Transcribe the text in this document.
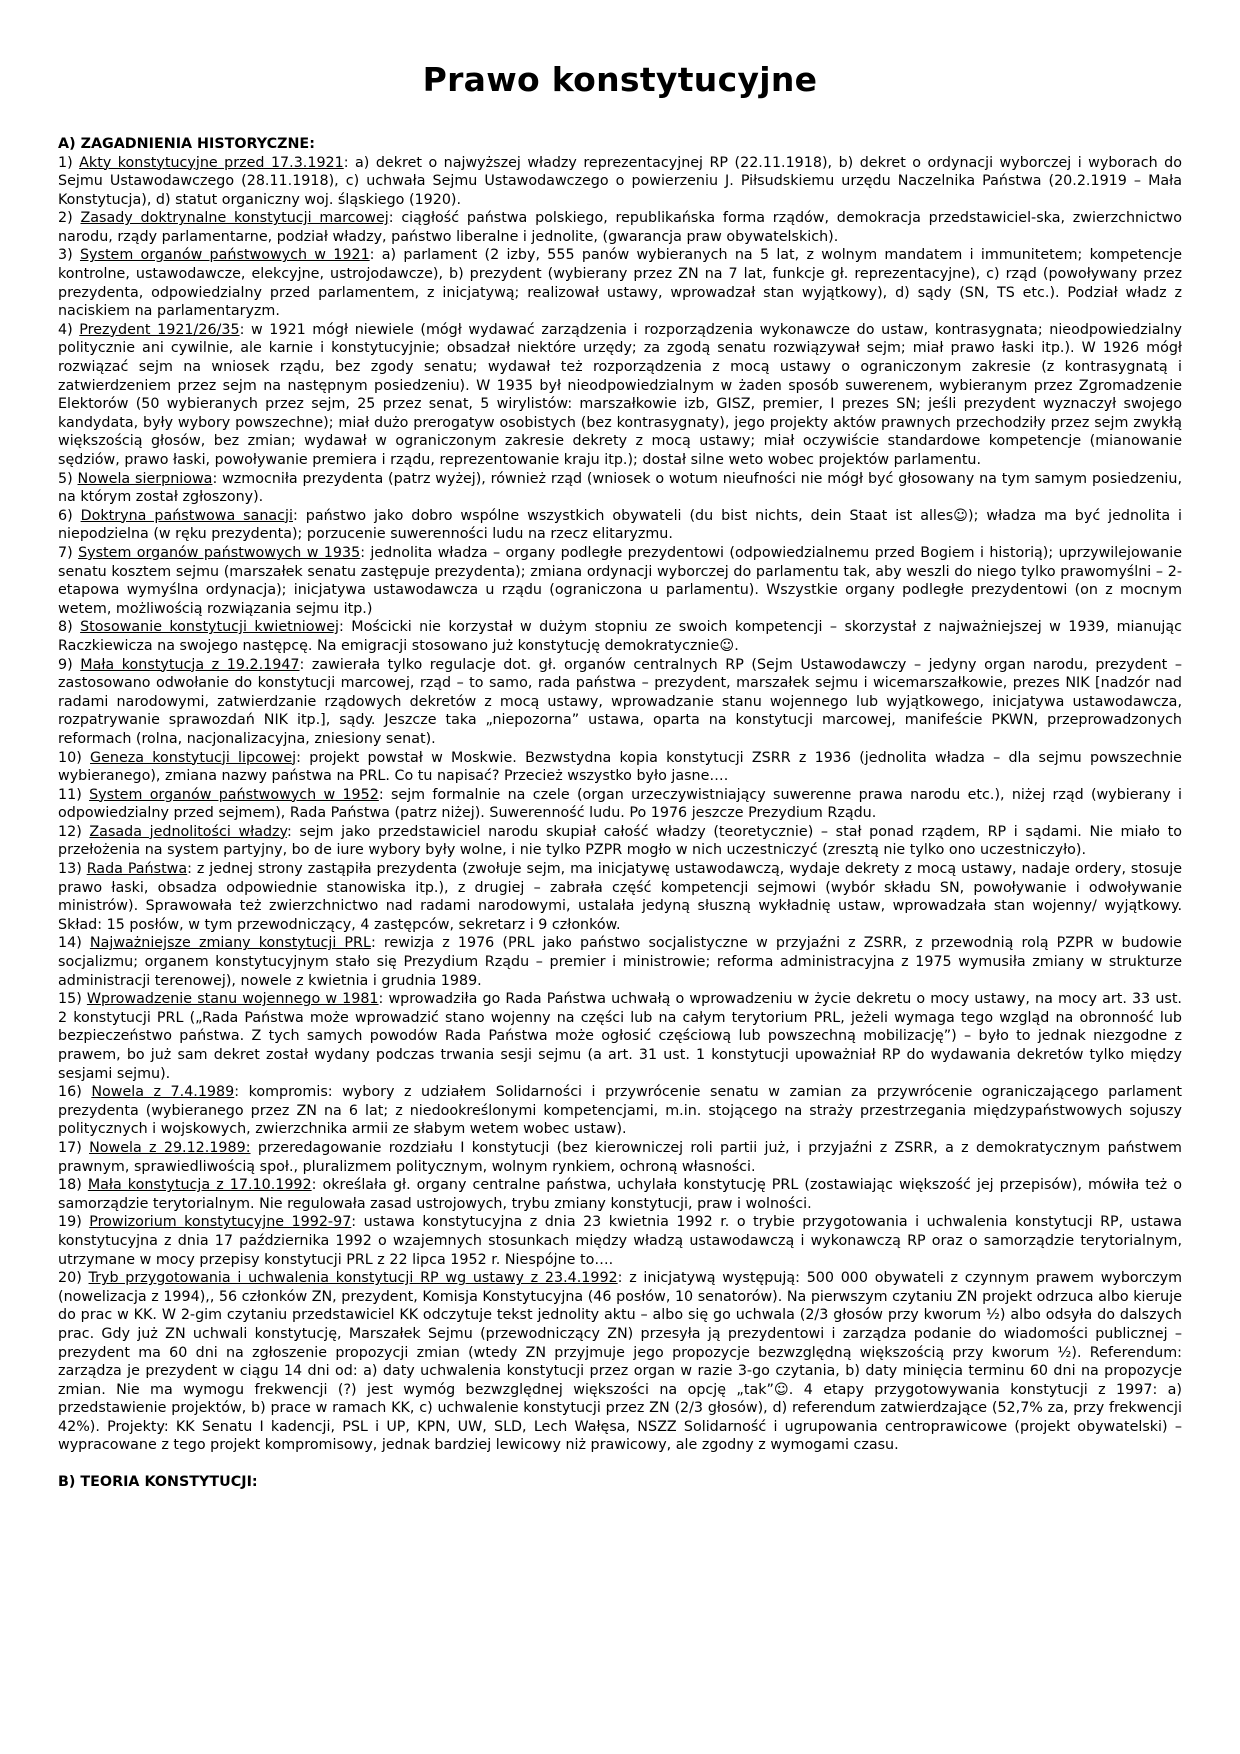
Prawo konstytucyjne
A) ZAGADNIENIA HISTORYCZNE:

1) Akty konstytucyjne przed 17.3.1921: a) dekret o najwyższej władzy reprezentacyjnej RP (22.11.1918), b) dekret o ordynacji wyborczej i wyborach do Sejmu Ustawodawczego (28.11.1918), c) uchwała Sejmu Ustawodawczego o powierzeniu J. Piłsudskiemu urzędu Naczelnika Państwa (20.2.1919 – Mała Konstytucja), d) statut organiczny woj. śląskiego (1920).

2) Zasady doktrynalne konstytucji marcowej: ciągłość państwa polskiego, republikańska forma rządów, demokracja przedstawiciel-ska, zwierzchnictwo narodu, rządy parlamentarne, podział władzy, państwo liberalne i jednolite, (gwarancja praw obywatelskich).

3) System organów państwowych w 1921: a) parlament (2 izby, 555 panów wybieranych na 5 lat, z wolnym mandatem i immunitetem; kompetencje kontrolne, ustawodawcze, elekcyjne, ustrojodawcze), b) prezydent (wybierany przez ZN na 7 lat, funkcje gł. reprezentacyjne), c) rząd (powoływany przez prezydenta, odpowiedzialny przed parlamentem, z inicjatywą; realizował ustawy, wprowadzał stan wyjątkowy), d) sądy (SN, TS etc.). Podział władz z naciskiem na parlamentaryzm.

4) Prezydent 1921/26/35: w 1921 mógł niewiele (mógł wydawać zarządzenia i rozporządzenia wykonawcze do ustaw, kontrasygnata; nieodpowiedzialny politycznie ani cywilnie, ale karnie i konstytucyjnie; obsadzał niektóre urzędy; za zgodą senatu rozwiązywał sejm; miał prawo łaski itp.). W 1926 mógł rozwiązać sejm na wniosek rządu, bez zgody senatu; wydawał też rozporządzenia z mocą ustawy o ograniczonym zakresie (z kontrasygnatą i zatwierdzeniem przez sejm na następnym posiedzeniu). W 1935 był nieodpowiedzialnym w żaden sposób suwerenem, wybieranym przez Zgromadzenie Elektorów (50 wybieranych przez sejm, 25 przez senat, 5 wirylistów: marszałkowie izb, GISZ, premier, I prezes SN; jeśli prezydent wyznaczył swojego kandydata, były wybory powszechne); miał dużo prerogatyw osobistych (bez kontrasygnaty), jego projekty aktów prawnych przechodziły przez sejm zwykłą większością głosów, bez zmian; wydawał w ograniczonym zakresie dekrety z mocą ustawy; miał oczywiście standardowe kompetencje (mianowanie sędziów, prawo łaski, powoływanie premiera i rządu, reprezentowanie kraju itp.); dostał silne weto wobec projektów parlamentu.

5) Nowela sierpniowa: wzmocniła prezydenta (patrz wyżej), również rząd (wniosek o wotum nieufności nie mógł być głosowany na tym samym posiedzeniu, na którym został zgłoszony).

6) Doktryna państwowa sanacji: państwo jako dobro wspólne wszystkich obywateli (du bist nichts, dein Staat ist alles☺); władza ma być jednolita i niepodzielna (w ręku prezydenta); porzucenie suwerenności ludu na rzecz elitaryzmu.

7) System organów państwowych w 1935: jednolita władza – organy podległe prezydentowi (odpowiedzialnemu przed Bogiem i historią); uprzywilejowanie senatu kosztem sejmu (marszałek senatu zastępuje prezydenta); zmiana ordynacji wyborczej do parlamentu tak, aby weszli do niego tylko prawomyślni – 2-etapowa wymyślna ordynacja); inicjatywa ustawodawcza u rządu (ograniczona u parlamentu). Wszystkie organy podległe prezydentowi (on z mocnym wetem, możliwością rozwiązania sejmu itp.)

8) Stosowanie konstytucji kwietniowej: Mościcki nie korzystał w dużym stopniu ze swoich kompetencji – skorzystał z najważniejszej w 1939, mianując Raczkiewicza na swojego następcę. Na emigracji stosowano już konstytucję demokratycznie☺.

9) Mała konstytucja z 19.2.1947: zawierała tylko regulacje dot. gł. organów centralnych RP (Sejm Ustawodawczy – jedyny organ narodu, prezydent – zastosowano odwołanie do konstytucji marcowej, rząd – to samo, rada państwa – prezydent, marszałek sejmu i wicemarszałkowie, prezes NIK [nadzór nad radami narodowymi, zatwierdzanie rządowych dekretów z mocą ustawy, wprowadzanie stanu wojennego lub wyjątkowego, inicjatywa ustawodawcza, rozpatrywanie sprawozdań NIK itp.], sądy. Jeszcze taka „niepozorna” ustawa, oparta na konstytucji marcowej, manifeście PKWN, przeprowadzonych reformach (rolna, nacjonalizacyjna, zniesiony senat).

10) Geneza konstytucji lipcowej: projekt powstał w Moskwie. Bezwstydna kopia konstytucji ZSRR z 1936 (jednolita władza – dla sejmu powszechnie wybieranego), zmiana nazwy państwa na PRL. Co tu napisać? Przecież wszystko było jasne….

11) System organów państwowych w 1952: sejm formalnie na czele (organ urzeczywistniający suwerenne prawa narodu etc.), niżej rząd (wybierany i odpowiedzialny przed sejmem), Rada Państwa (patrz niżej). Suwerenność ludu. Po 1976 jeszcze Prezydium Rządu.

12) Zasada jednolitości władzy: sejm jako przedstawiciel narodu skupiał całość władzy (teoretycznie) – stał ponad rządem, RP i sądami. Nie miało to przełożenia na system partyjny, bo de iure wybory były wolne, i nie tylko PZPR mogło w nich uczestniczyć (zresztą nie tylko ono uczestniczyło).

13) Rada Państwa: z jednej strony zastąpiła prezydenta (zwołuje sejm, ma inicjatywę ustawodawczą, wydaje dekrety z mocą ustawy, nadaje ordery, stosuje prawo łaski, obsadza odpowiednie stanowiska itp.), z drugiej – zabrała część kompetencji sejmowi (wybór składu SN, powoływanie i odwoływanie ministrów). Sprawowała też zwierzchnictwo nad radami narodowymi, ustalała jedyną słuszną wykładnię ustaw, wprowadzała stan wojenny/ wyjątkowy. Skład: 15 posłów, w tym przewodniczący, 4 zastępców, sekretarz i 9 członków.

14) Najważniejsze zmiany konstytucji PRL: rewizja z 1976 (PRL jako państwo socjalistyczne w przyjaźni z ZSRR, z przewodnią rolą PZPR w budowie socjalizmu; organem konstytucyjnym stało się Prezydium Rządu – premier i ministrowie; reforma administracyjna z 1975 wymusiła zmiany w strukturze administracji terenowej), nowele z kwietnia i grudnia 1989.

15) Wprowadzenie stanu wojennego w 1981: wprowadziła go Rada Państwa uchwałą o wprowadzeniu w życie dekretu o mocy ustawy, na mocy art. 33 ust. 2 konstytucji PRL („Rada Państwa może wprowadzić stano wojenny na części lub na całym terytorium PRL, jeżeli wymaga tego wzgląd na obronność lub bezpieczeństwo państwa. Z tych samych powodów Rada Państwa może ogłosić częściową lub powszechną mobilizację”) – było to jednak niezgodne z prawem, bo już sam dekret został wydany podczas trwania sesji sejmu (a art. 31 ust. 1 konstytucji upoważniał RP do wydawania dekretów tylko między sesjami sejmu).

16) Nowela z 7.4.1989: kompromis: wybory z udziałem Solidarności i przywrócenie senatu w zamian za przywrócenie ograniczającego parlament prezydenta (wybieranego przez ZN na 6 lat; z niedookreślonymi kompetencjami, m.in. stojącego na straży przestrzegania międzypaństwowych sojuszy politycznych i wojskowych, zwierzchnika armii ze słabym wetem wobec ustaw).

17) Nowela z 29.12.1989: przeredagowanie rozdziału I konstytucji (bez kierowniczej roli partii już, i przyjaźni z ZSRR, a z demokratycznym państwem prawnym, sprawiedliwością społ., pluralizmem politycznym, wolnym rynkiem, ochroną własności.

18) Mała konstytucja z 17.10.1992: określała gł. organy centralne państwa, uchylała konstytucję PRL (zostawiając większość jej przepisów), mówiła też o samorządzie terytorialnym. Nie regulowała zasad ustrojowych, trybu zmiany konstytucji, praw i wolności.

19) Prowizorium konstytucyjne 1992-97: ustawa konstytucyjna z dnia 23 kwietnia 1992 r. o trybie przygotowania i uchwalenia konstytucji RP, ustawa konstytucyjna z dnia 17 października 1992 o wzajemnych stosunkach między władzą ustawodawczą i wykonawczą RP oraz o samorządzie terytorialnym, utrzymane w mocy przepisy konstytucji PRL z 22 lipca 1952 r. Niespójne to….

20) Tryb przygotowania i uchwalenia konstytucji RP wg ustawy z 23.4.1992: z inicjatywą występują: 500 000 obywateli z czynnym prawem wyborczym (nowelizacja z 1994),, 56 członków ZN, prezydent, Komisja Konstytucyjna (46 posłów, 10 senatorów). Na pierwszym czytaniu ZN projekt odrzuca albo kieruje do prac w KK. W 2-gim czytaniu przedstawiciel KK odczytuje tekst jednolity aktu – albo się go uchwala (2/3 głosów przy kworum ½) albo odsyła do dalszych prac. Gdy już ZN uchwali konstytucję, Marszałek Sejmu (przewodniczący ZN) przesyła ją prezydentowi i zarządza podanie do wiadomości publicznej – prezydent ma 60 dni na zgłoszenie propozycji zmian (wtedy ZN przyjmuje jego propozycje bezwzględną większością przy kworum ½). Referendum: zarządza je prezydent w ciągu 14 dni od: a) daty uchwalenia konstytucji przez organ w razie 3-go czytania, b) daty minięcia terminu 60 dni na propozycje zmian. Nie ma wymogu frekwencji (?) jest wymóg bezwzględnej większości na opcję „tak”☺. 4 etapy przygotowywania konstytucji z 1997: a) przedstawienie projektów, b) prace w ramach KK, c) uchwalenie konstytucji przez ZN (2/3 głosów), d) referendum zatwierdzające (52,7% za, przy frekwencji 42%). Projekty: KK Senatu I kadencji, PSL i UP, KPN, UW, SLD, Lech Wałęsa, NSZZ Solidarność i ugrupowania centroprawicowe (projekt obywatelski) – wypracowane z tego projekt kompromisowy, jednak bardziej lewicowy niż prawicowy, ale zgodny z wymogami czasu.

B) TEORIA KONSTYTUCJI:
